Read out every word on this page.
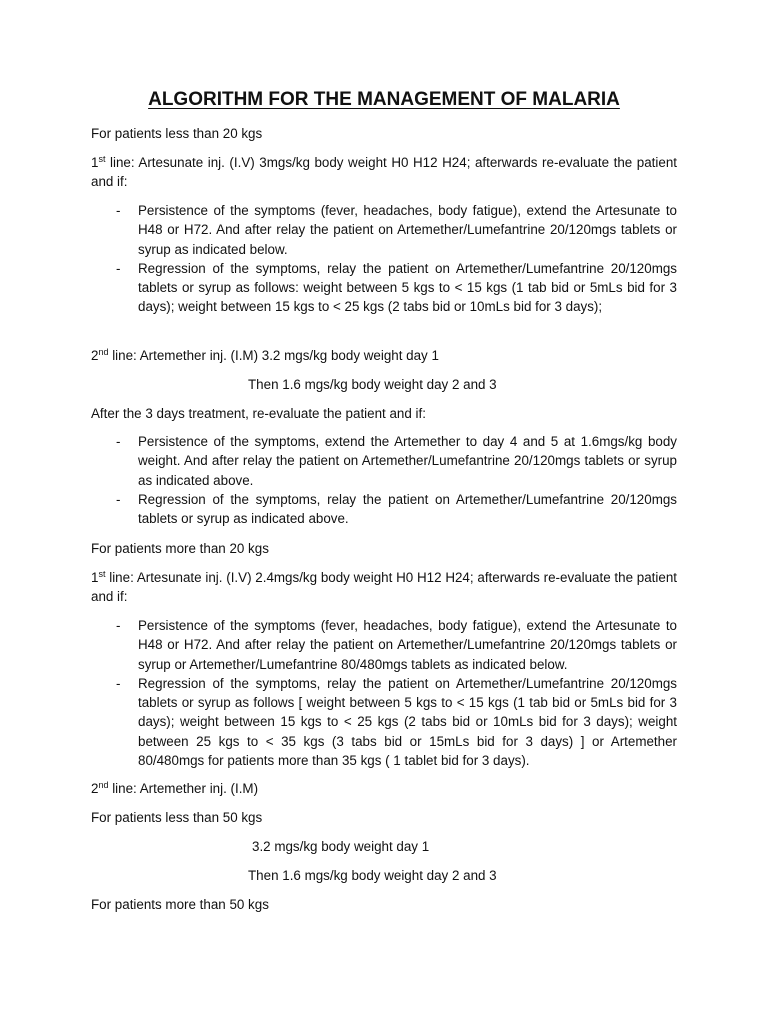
ALGORITHM FOR THE MANAGEMENT OF MALARIA
For patients less than 20 kgs
1st line: Artesunate inj. (I.V) 3mgs/kg body weight H0 H12 H24; afterwards re-evaluate the patient and if:
- Persistence of the symptoms (fever, headaches, body fatigue), extend the Artesunate to H48 or H72. And after relay the patient on Artemether/Lumefantrine 20/120mgs tablets or syrup as indicated below.
- Regression of the symptoms, relay the patient on Artemether/Lumefantrine 20/120mgs tablets or syrup as follows: weight between 5 kgs to < 15 kgs (1 tab bid or 5mLs bid for 3 days); weight between 15 kgs to < 25 kgs (2 tabs bid or 10mLs bid for 3 days);
2nd line: Artemether inj. (I.M) 3.2 mgs/kg body weight day 1
Then 1.6 mgs/kg body weight day 2 and 3
After the 3 days treatment, re-evaluate the patient and if:
- Persistence of the symptoms, extend the Artemether to day 4 and 5 at 1.6mgs/kg body weight. And after relay the patient on Artemether/Lumefantrine 20/120mgs tablets or syrup as indicated above.
- Regression of the symptoms, relay the patient on Artemether/Lumefantrine 20/120mgs tablets or syrup as indicated above.
For patients more than 20 kgs
1st line: Artesunate inj. (I.V) 2.4mgs/kg body weight H0 H12 H24; afterwards re-evaluate the patient and if:
- Persistence of the symptoms (fever, headaches, body fatigue), extend the Artesunate to H48 or H72. And after relay the patient on Artemether/Lumefantrine 20/120mgs tablets or syrup or Artemether/Lumefantrine 80/480mgs tablets as indicated below.
- Regression of the symptoms, relay the patient on Artemether/Lumefantrine 20/120mgs tablets or syrup as follows [ weight between 5 kgs to < 15 kgs (1 tab bid or 5mLs bid for 3 days); weight between 15 kgs to < 25 kgs (2 tabs bid or 10mLs bid for 3 days); weight between 25 kgs to < 35 kgs (3 tabs bid or 15mLs bid for 3 days) ] or Artemether 80/480mgs for patients more than 35 kgs ( 1 tablet bid for 3 days).
2nd line: Artemether inj. (I.M)
For patients less than 50 kgs
3.2 mgs/kg body weight day 1
Then 1.6 mgs/kg body weight day 2 and 3
For patients more than 50 kgs
